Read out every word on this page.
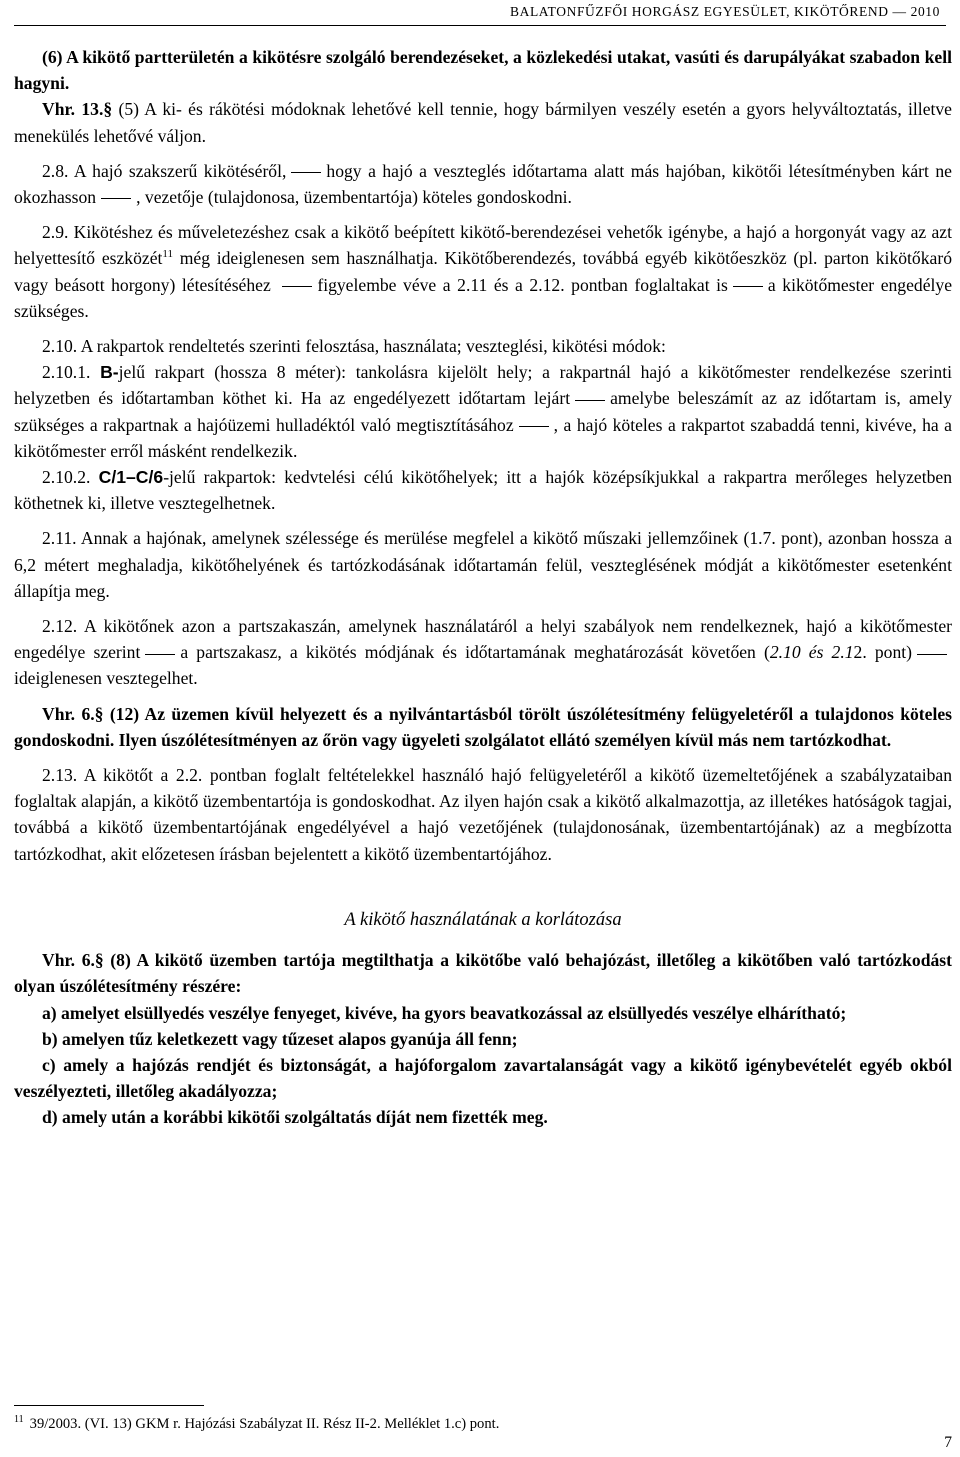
BALATONFŰZFŐI HORGÁSZ EGYESÜLET, KIKÖTŐREND — 2010

(6) A kikötő partterületén a kikötésre szolgáló berendezéseket, a közlekedési utakat, vasúti és darupályákat szabadon kell hagyni.

Vhr. 13.§ (5) A ki- és rákötési módoknak lehetővé kell tennie, hogy bármilyen veszély esetén a gyors helyváltoztatás, illetve menekülés lehetővé váljon.

2.8. A hajó szakszerű kikötéséről, hogy a hajó a veszteglés időtartama alatt más hajóban, kikötői létesítményben kárt ne okozhasson , vezetője (tulajdonosa, üzembentartója) köteles gondoskodni.

2.9. Kikötéshez és műveletezéshez csak a kikötő beépített kikötő-berendezései vehetők igénybe, a hajó a horgonyát vagy az azt helyettesítő eszközét$^{11}$ még ideiglenesen sem használhatja. Kikötőberendezés, továbbá egyéb kikötőeszköz (pl. parton kikötőkaró vagy beásott horgony) létesítéséhez	figyelembe véve a 2.11 és a 2.12. pontban foglaltakat is a kikötőmester engedélye szükséges.

2.10. A rakpartok rendeltetés szerinti felosztása, használata; veszteglési, kikötési módok:

2.10.1. B-jelű rakpart (hossza 8 méter): tankolásra kijelölt hely; a rakpartnál hajó a kikötőmester rendelkezése szerinti helyzetben és időtartamban köthet ki. Ha az engedélyezett időtartam lejárt amelybe beleszámít az az időtartam is, amely szükséges a rakpartnak a hajóüzemi hulladéktól való megtisztításához , a hajó köteles a rakpartot szabaddá tenni, kivéve, ha a kikötőmester erről másként rendelkezik.

2.10.2. C/1–C/6-jelű rakpartok: kedvtelési célú kikötőhelyek; itt a hajók középsíkjukkal a rakpartra merőleges helyzetben köthetnek ki, illetve vesztegelhetnek.

2.11. Annak a hajónak, amelynek szélessége és merülése megfelel a kikötő műszaki jellemzőinek (1.7. pont), azonban hossza a 6,2 métert meghaladja, kikötőhelyének és tartózkodásának időtartamán felül, veszteglésének módját a kikötőmester esetenként állapítja meg.

2.12. A kikötőnek azon a partszakaszán, amelynek használatáról a helyi szabályok nem rendelkeznek, hajó a kikötőmester engedélye szerint a partszakasz, a kikötés módjának és időtartamának meghatározását követően (2.10 és 2.12. pont)ideiglenesen vesztegelhet.

Vhr. 6.§ (12) Az üzemen kívül helyezett és a nyilvántartásból törölt úszólétesítmény felügyeletéről a tulajdonos köteles gondoskodni. Ilyen úszólétesítményen az őrön vagy ügyeleti szolgálatot ellátó személyen kívül más nem tartózkodhat.

2.13. A kikötőt a 2.2. pontban foglalt feltételekkel használó hajó felügyeletéről a kikötő üzemeltetőjének a szabályzataiban foglaltak alapján, a kikötő üzembentartója is gondoskodhat. Az ilyen hajón csak a kikötő alkalmazottja, az illetékes hatóságok tagjai, továbbá a kikötő üzembentartójának engedélyével a hajó vezetőjének (tulajdonosának, üzembentartójának) az a megbízotta tartózkodhat, akit előzetesen írásban bejelentett a kikötő üzembentartójához.

A kikötő használatának a korlátozása

Vhr. 6.§ (8) A kikötő üzemben tartója megtilthatja a kikötőbe való behajózást, illetőleg a kikötőben való tartózkodást olyan úszólétesítmény részére:

a) amelyet elsüllyedés veszélye fenyeget, kivéve, ha gyors beavatkozással az elsüllyedés veszélye elhárítható;

b) amelyen tűz keletkezett vagy tűzeset alapos gyanúja áll fenn;

c) amely a hajózás rendjét és biztonságát, a hajóforgalom zavartalanságát vagy a kikötő igénybevételét egyéb okból veszélyezteti, illetőleg akadályozza;

d) amely után a korábbi kikötői szolgáltatás díját nem fizették meg.

$^{11}$ 39/2003. (VI. 13) GKM r. Hajózási Szabályzat II. Rész II-2. Melléklet 1.c) pont.
7
